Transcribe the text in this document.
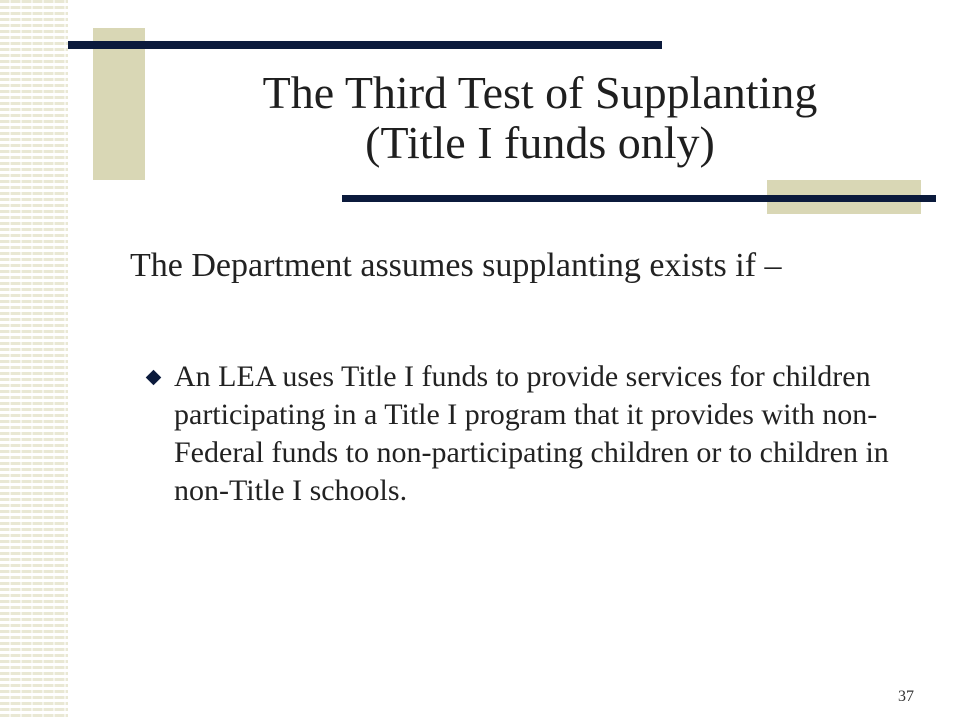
The Third Test of Supplanting
(Title I funds only)
The Department assumes supplanting exists if –
An LEA uses Title I funds to provide services for children participating in a Title I program that it provides with non-Federal funds to non-participating children or to children in non-Title I schools.
37
